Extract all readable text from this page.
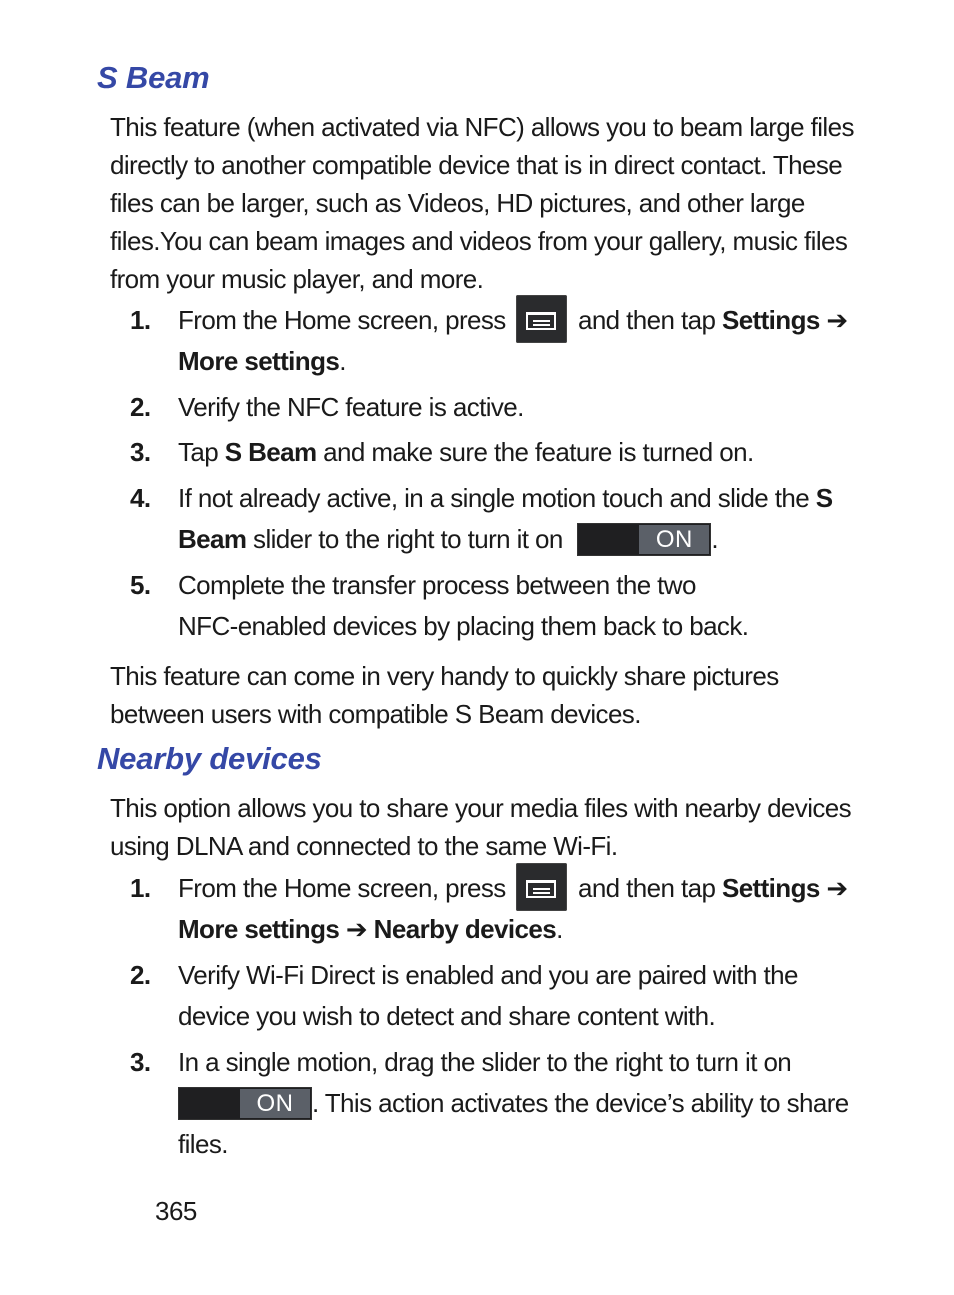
S Beam

This feature (when activated via NFC) allows you to beam large files
directly to another compatible device that is in direct contact. These
files can be larger, such as Videos, HD pictures, and other large
files.You can beam images and videos from your gallery, music files
from your music player, and more.

1.	From the Home screen, press	and then tap Settings ➔
More settings.
2.	Verify the NFC feature is active.
3.	Tap S Beam and make sure the feature is turned on.
4.	If not already active, in a single motion touch and slide the S
Beam slider to the right to turn it on	ON .
5.	Complete the transfer process between the two
NFC-enabled devices by placing them back to back.

This feature can come in very handy to quickly share pictures
between users with compatible S Beam devices.

Nearby devices

This option allows you to share your media files with nearby devices
using DLNA and connected to the same Wi-Fi.

1.	From the Home screen, press	and then tap Settings ➔
More settings ➔ Nearby devices.
2.	Verify Wi-Fi Direct is enabled and you are paired with the
device you wish to detect and share content with.
3.	In a single motion, drag the slider to the right to turn it on
ON . This action activates the device’s ability to share
files.
365
